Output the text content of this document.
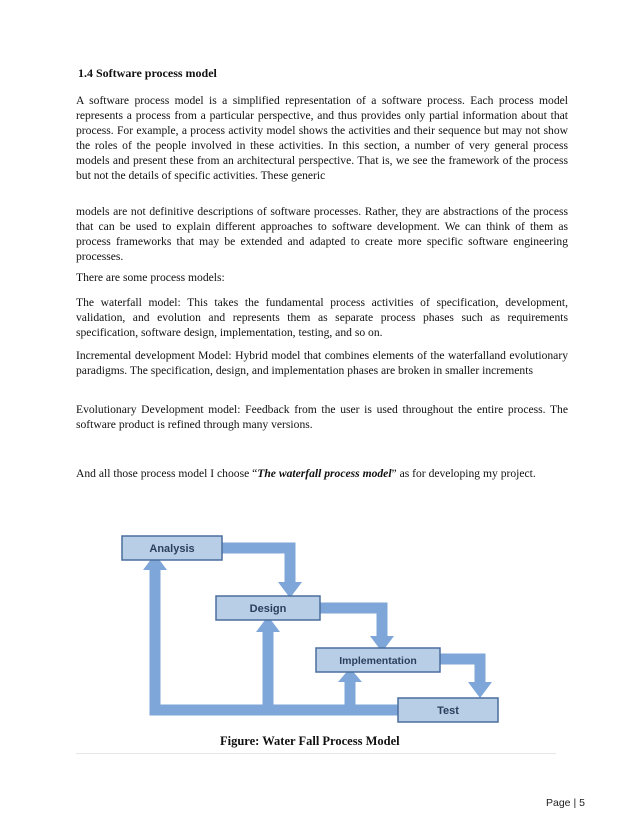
1.4 Software process model

A software process model is a simplified representation of a software process. Each process model represents a process from a particular perspective, and thus provides only partial information about that process. For example, a process activity model shows the activities and their sequence but may not show the roles of the people involved in these activities. In this section, a number of very general process models and present these from an architectural perspective. That is, we see the framework of the process but not the details of specific activities. These generic

models are not definitive descriptions of software processes. Rather, they are abstractions of the process that can be used to explain different approaches to software development. We can think of them as process frameworks that may be extended and adapted to create more specific software engineering processes.

There are some process models:

The waterfall model: This takes the fundamental process activities of specification, development, validation, and evolution and represents them as separate process phases such as requirements specification, software design, implementation, testing, and so on.

Incremental development Model: Hybrid model that combines elements of the waterfalland evolutionary paradigms. The specification, design, and implementation phases are broken in smaller increments

Evolutionary Development model: Feedback from the user is used throughout the entire process. The software product is refined through many versions.

And all those process model I choose “The waterfall process model” as for developing my project.

Analysis
Design
Implementation
Test
Figure: Water Fall Process Model
Page | 5
